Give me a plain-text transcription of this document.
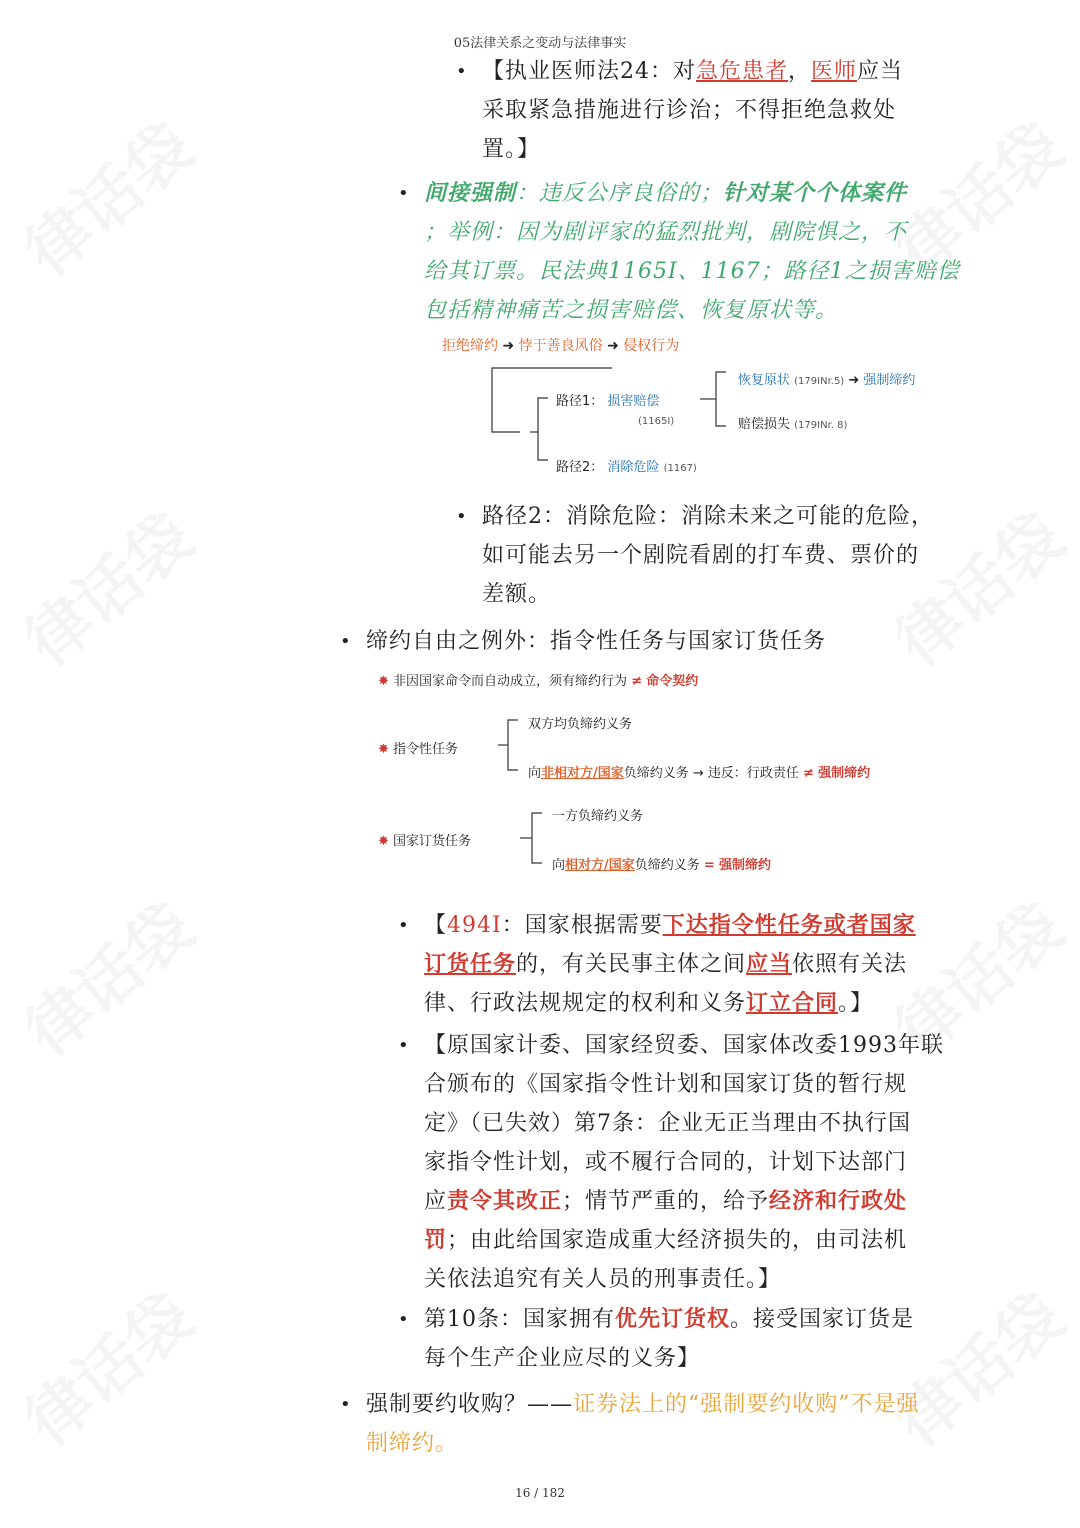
05法律关系之变动与法律事实
• 【执业医师法24：对急危患者，医师应当
采取紧急措施进行诊治；不得拒绝急救处
置。】
• 间接强制：违反公序良俗的；针对某个个体案件
；举例：因为剧评家的猛烈批判，剧院惧之，不
给其订票。民法典1165I、1167；路径1之损害赔偿
包括精神痛苦之损害赔偿、恢复原状等。
拒绝缔约 ➜ 悖于善良风俗 ➜ 侵权行为
路径1： 损害赔偿
(1165I)
恢复原状 (179INr.5) ➜ 强制缔约
赔偿损失 (179INr. 8)
路径2： 消除危险 (1167)
• 路径2：消除危险：消除未来之可能的危险，
如可能去另一个剧院看剧的打车费、票价的
差额。
• 缔约自由之例外：指令性任务与国家订货任务
✸ 非因国家命令而自动成立，须有缔约行为 ≠ 命令契约
✸ 指令性任务
双方均负缔约义务
向非相对方/国家负缔约义务 → 违反：行政责任 ≠ 强制缔约
✸ 国家订货任务
一方负缔约义务
向相对方/国家负缔约义务 = 强制缔约
• 【494I：国家根据需要下达指令性任务或者国家
订货任务的，有关民事主体之间应当依照有关法
律、行政法规规定的权利和义务订立合同。】
• 【原国家计委、国家经贸委、国家体改委1993年联
合颁布的《国家指令性计划和国家订货的暂行规
定》（已失效）第7条：企业无正当理由不执行国
家指令性计划，或不履行合同的，计划下达部门
应责令其改正；情节严重的，给予经济和行政处
罚；由此给国家造成重大经济损失的，由司法机
关依法追究有关人员的刑事责任。】
• 第10条：国家拥有优先订货权。接受国家订货是
每个生产企业应尽的义务】
• 强制要约收购？——证券法上的“强制要约收购”不是强
制缔约。
16 / 182
